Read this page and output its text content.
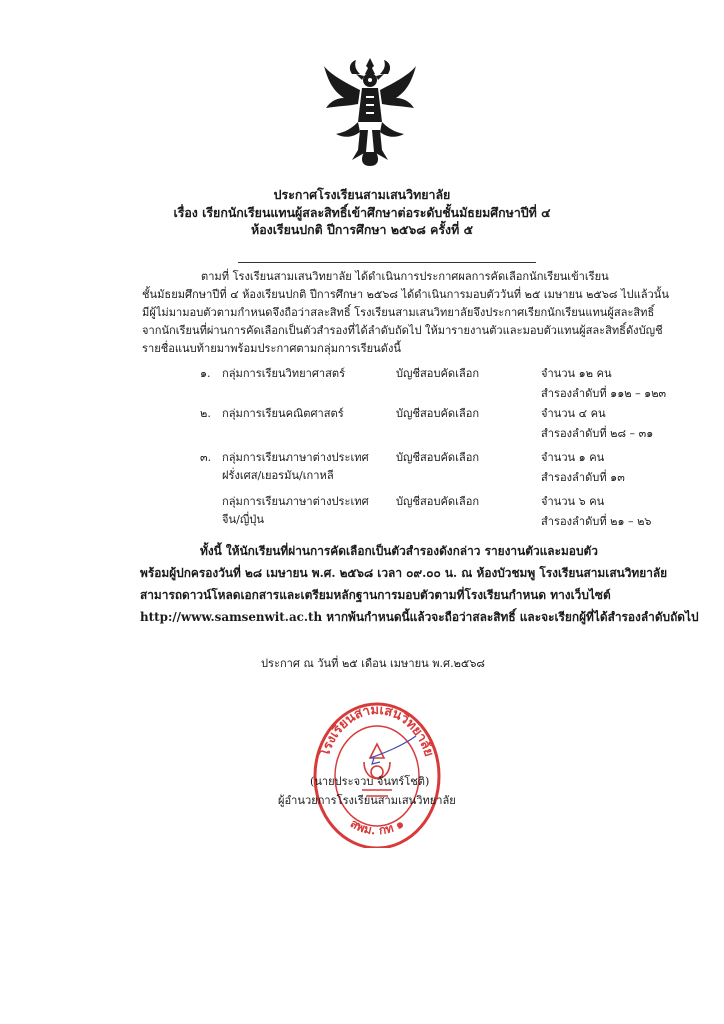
ประกาศโรงเรียนสามเสนวิทยาลัย
เรื่อง เรียกนักเรียนแทนผู้สละสิทธิ์เข้าศึกษาต่อระดับชั้นมัธยมศึกษาปีที่ ๔
ห้องเรียนปกติ ปีการศึกษา ๒๕๖๘ ครั้งที่ ๕
ตามที่ โรงเรียนสามเสนวิทยาลัย ได้ดำเนินการประกาศผลการคัดเลือกนักเรียนเข้าเรียน
ชั้นมัธยมศึกษาปีที่ ๔ ห้องเรียนปกติ ปีการศึกษา ๒๕๖๘ ได้ดำเนินการมอบตัววันที่ ๒๕ เมษายน ๒๕๖๘ ไปแล้วนั้น
มีผู้ไม่มามอบตัวตามกำหนดจึงถือว่าสละสิทธิ์ โรงเรียนสามเสนวิทยาลัยจึงประกาศเรียกนักเรียนแทนผู้สละสิทธิ์
จากนักเรียนที่ผ่านการคัดเลือกเป็นตัวสำรองที่ได้ลำดับถัดไป ให้มารายงานตัวและมอบตัวแทนผู้สละสิทธิ์ดังบัญชี
รายชื่อแนบท้ายมาพร้อมประกาศตามกลุ่มการเรียนดังนี้
๑. กลุ่มการเรียนวิทยาศาสตร์	บัญชีสอบคัดเลือก	จำนวน ๑๒ คน
สำรองลำดับที่ ๑๑๒ – ๑๒๓
๒. กลุ่มการเรียนคณิตศาสตร์	บัญชีสอบคัดเลือก	จำนวน ๔ คน
สำรองลำดับที่ ๒๘ – ๓๑
๓. กลุ่มการเรียนภาษาต่างประเทศ
ฝรั่งเศส/เยอรมัน/เกาหลี
บัญชีสอบคัดเลือก	จำนวน ๑ คน
สำรองลำดับที่ ๑๓
กลุ่มการเรียนภาษาต่างประเทศ
จีน/ญี่ปุ่น
บัญชีสอบคัดเลือก	จำนวน ๖ คน
สำรองลำดับที่ ๒๑ – ๒๖
ทั้งนี้ ให้นักเรียนที่ผ่านการคัดเลือกเป็นตัวสำรองดังกล่าว รายงานตัวและมอบตัว
พร้อมผู้ปกครองวันที่ ๒๘ เมษายน พ.ศ. ๒๕๖๘ เวลา ๐๙.๐๐ น. ณ ห้องบัวชมพู โรงเรียนสามเสนวิทยาลัย
สามารถดาวน์โหลดเอกสารและเตรียมหลักฐานการมอบตัวตามที่โรงเรียนกำหนด ทางเว็บไซต์
http://www.samsenwit.ac.th หากพ้นกำหนดนี้แล้วจะถือว่าสละสิทธิ์ และจะเรียกผู้ที่ได้สำรองลำดับถัดไป
ประกาศ ณ วันที่ ๒๕ เดือน เมษายน พ.ศ.๒๕๖๘
โรงเรียนสามเสนวิทยาลัย
สพม. กท ๑
(นายประจวบ จันทร์โชติ)
ผู้อำนวยการโรงเรียนสามเสนวิทยาลัย
